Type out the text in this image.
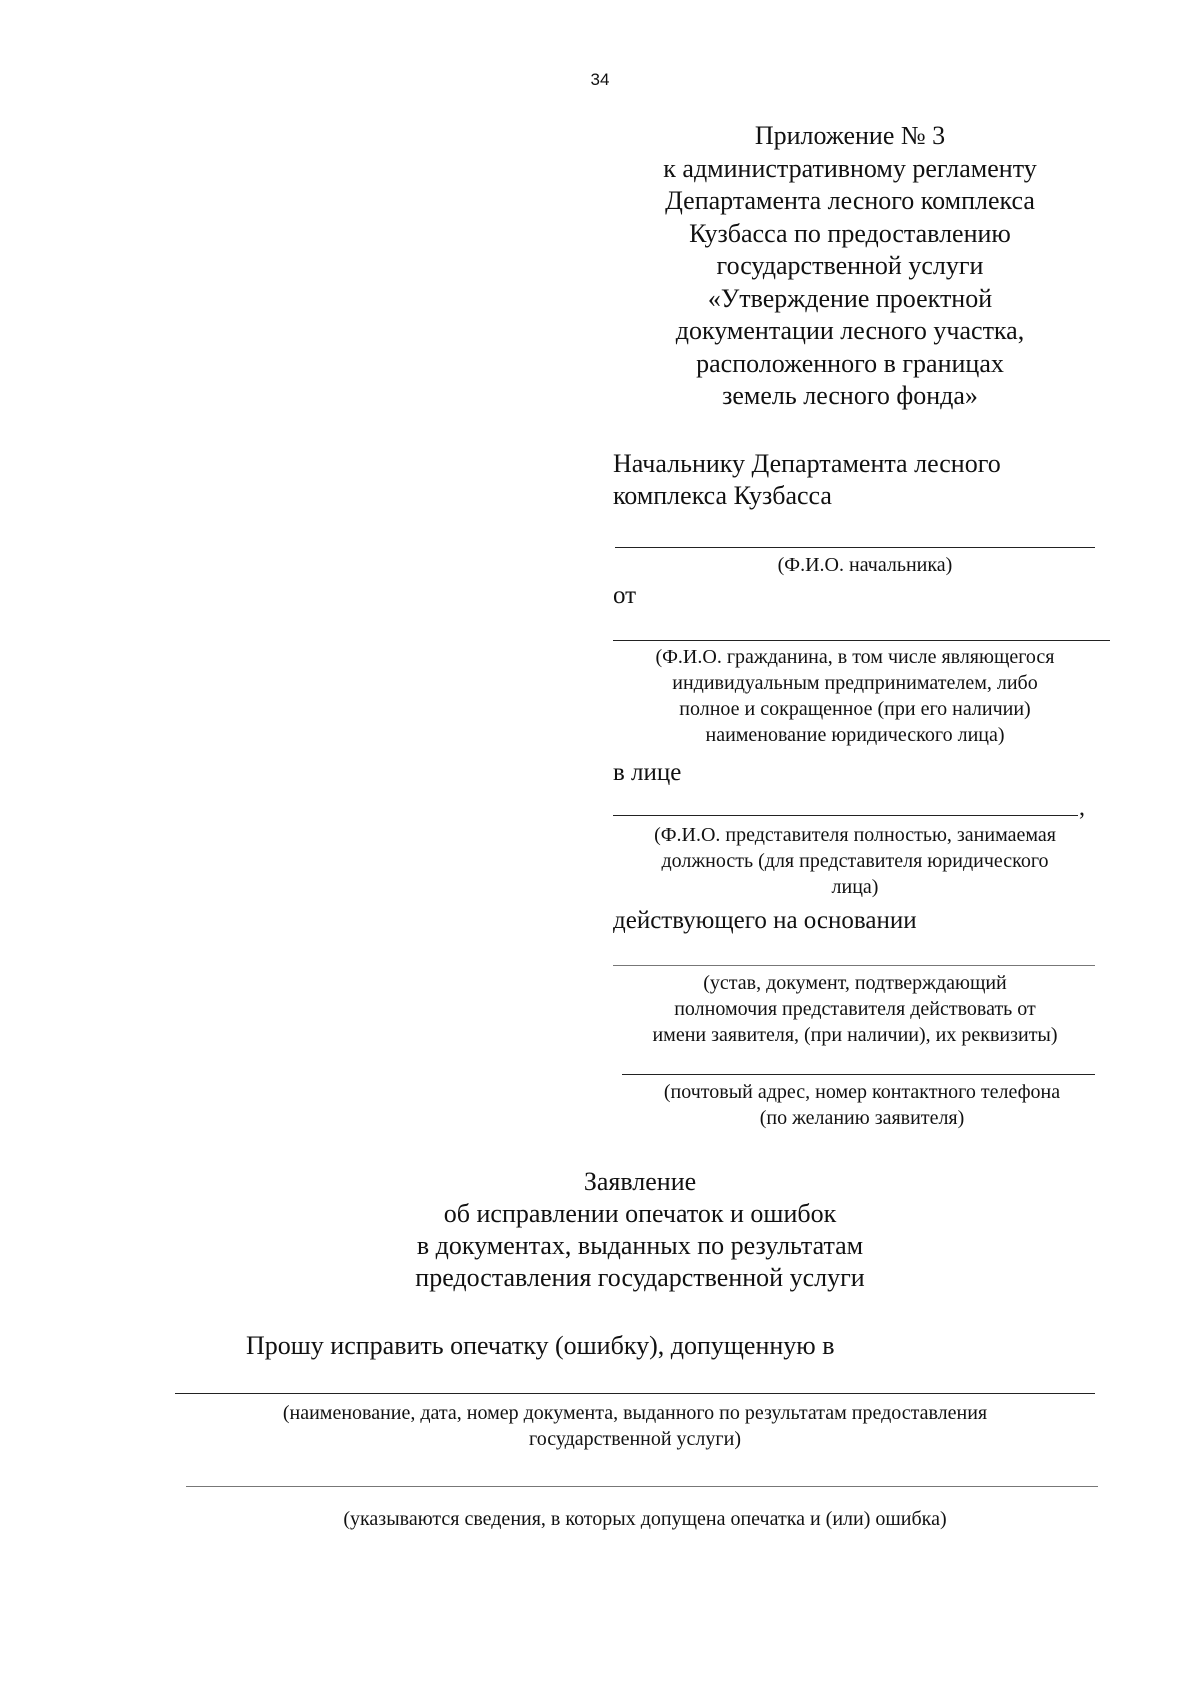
34
Приложение № 3
к административному регламенту
Департамента лесного комплекса
Кузбасса по предоставлению
государственной услуги
«Утверждение проектной
документации лесного участка,
расположенного в границах
земель лесного фонда»
Начальнику Департамента лесного
комплекса Кузбасса
(Ф.И.О. начальника)
от
(Ф.И.О. гражданина, в том числе являющегося
индивидуальным предпринимателем, либо
полное и сокращенное (при его наличии)
наименование юридического лица)
в лице
,
(Ф.И.О. представителя полностью, занимаемая
должность (для представителя юридического
лица)
действующего на основании
(устав, документ, подтверждающий
полномочия представителя действовать от
имени заявителя, (при наличии), их реквизиты)
(почтовый адрес, номер контактного телефона
(по желанию заявителя)
Заявление
об исправлении опечаток и ошибок
в документах, выданных по результатам
предоставления государственной услуги
Прошу исправить опечатку (ошибку), допущенную в
(наименование, дата, номер документа, выданного по результатам предоставления
государственной услуги)
(указываются сведения, в которых допущена опечатка и (или) ошибка)
